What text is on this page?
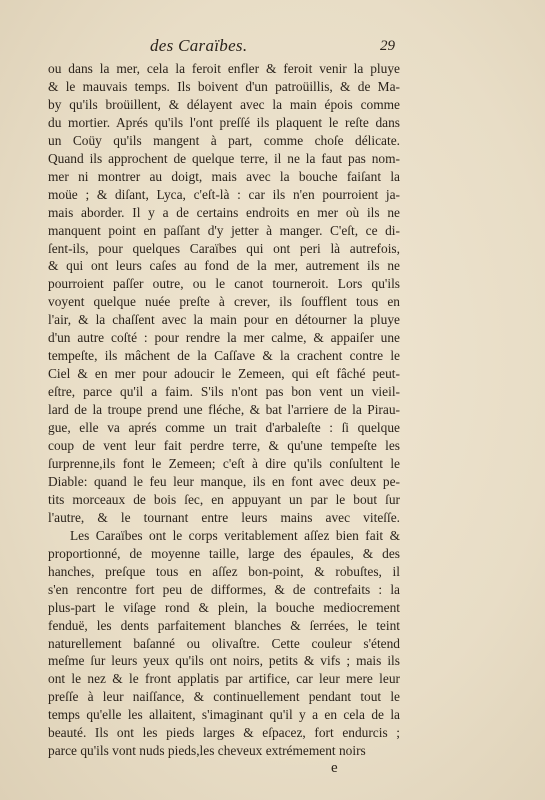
des Caraïbes.	29
ou dans la mer, cela la feroit enfler & feroit venir la pluye
& le mauvais temps. Ils boivent d'un patroüillis, & de Ma-
by qu'ils broüillent, & délayent avec la main épois comme
du mortier. Aprés qu'ils l'ont preſſé ils plaquent le reſte dans
un Coüy qu'ils mangent à part, comme choſe délicate.
Quand ils approchent de quelque terre, il ne la faut pas nom-
mer ni montrer au doigt, mais avec la bouche faiſant la
moüe ; & diſant, Lyca, c'eſt-là : car ils n'en pourroient ja-
mais aborder. Il y a de certains endroits en mer où ils ne
manquent point en paſſant d'y jetter à manger. C'eſt, ce di-
ſent-ils, pour quelques Caraïbes qui ont peri là autrefois,
& qui ont leurs caſes au fond de la mer, autrement ils ne
pourroient paſſer outre, ou le canot tourneroit. Lors qu'ils
voyent quelque nuée preſte à crever, ils ſoufflent tous en
l'air, & la chaſſent avec la main pour en détourner la pluye
d'un autre coſté : pour rendre la mer calme, & appaiſer une
tempeſte, ils mâchent de la Caſſave & la crachent contre le
Ciel & en mer pour adoucir le Zemeen, qui eſt fâché peut-
eſtre, parce qu'il a faim. S'ils n'ont pas bon vent un vieil-
lard de la troupe prend une fléche, & bat l'arriere de la Pirau-
gue, elle va aprés comme un trait d'arbaleſte : ſi quelque
coup de vent leur fait perdre terre, & qu'une tempeſte les
ſurprenne,ils font le Zemeen; c'eſt à dire qu'ils conſultent le
Diable: quand le feu leur manque, ils en font avec deux pe-
tits morceaux de bois ſec, en appuyant un par le bout ſur
l'autre, & le tournant entre leurs mains avec viteſſe.
Les Caraïbes ont le corps veritablement aſſez bien fait &
proportionné, de moyenne taille, large des épaules, & des
hanches, preſque tous en aſſez bon-point, & robuſtes, il
s'en rencontre fort peu de difformes, & de contrefaits : la
plus-part le viſage rond & plein, la bouche mediocrement
fenduë, les dents parfaitement blanches & ſerrées, le teint
naturellement baſanné ou olivaſtre. Cette couleur s'étend
meſme ſur leurs yeux qu'ils ont noirs, petits & vifs ; mais ils
ont le nez & le front applatis par artifice, car leur mere leur
preſſe à leur naiſſance, & continuellement pendant tout le
temps qu'elle les allaitent, s'imaginant qu'il y a en cela de la
beauté. Ils ont les pieds larges & eſpacez, fort endurcis ;
parce qu'ils vont nuds pieds,les cheveux extrémement noirs
e
